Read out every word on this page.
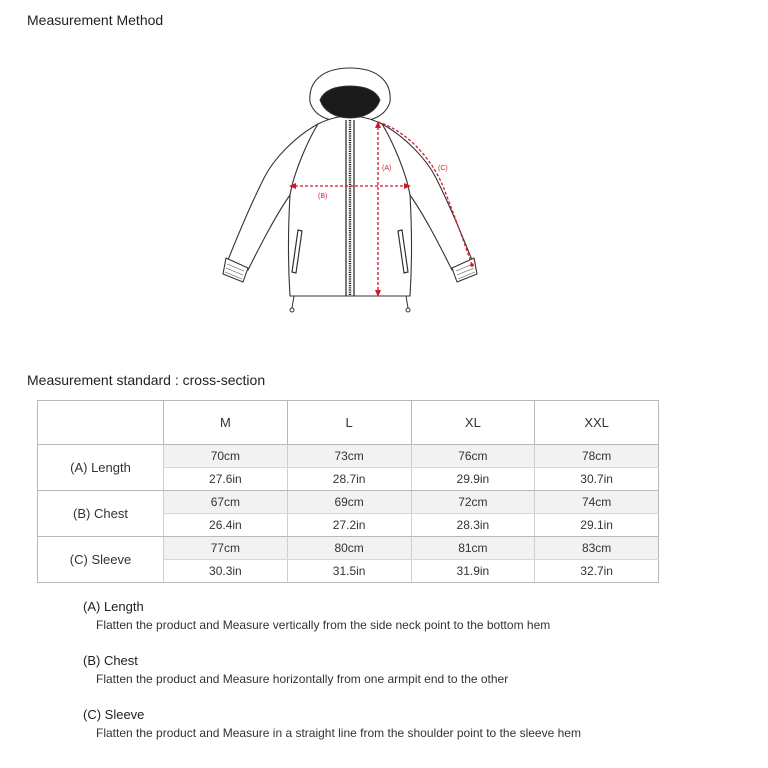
Measurement Method
(A)
(B)
(C)
Measurement standard : cross-section
	M	L	XL	XXL
(A) Length	70cm	73cm	76cm	78cm
	27.6in	28.7in	29.9in	30.7in
(B) Chest	67cm	69cm	72cm	74cm
	26.4in	27.2in	28.3in	29.1in
(C) Sleeve	77cm	80cm	81cm	83cm
	30.3in	31.5in	31.9in	32.7in
(A) Length
Flatten the product and Measure vertically from the side neck point to the bottom hem
(B) Chest
Flatten the product and Measure horizontally from one armpit end to the other
(C) Sleeve
Flatten the product and Measure in a straight line from the shoulder point to the sleeve hem
